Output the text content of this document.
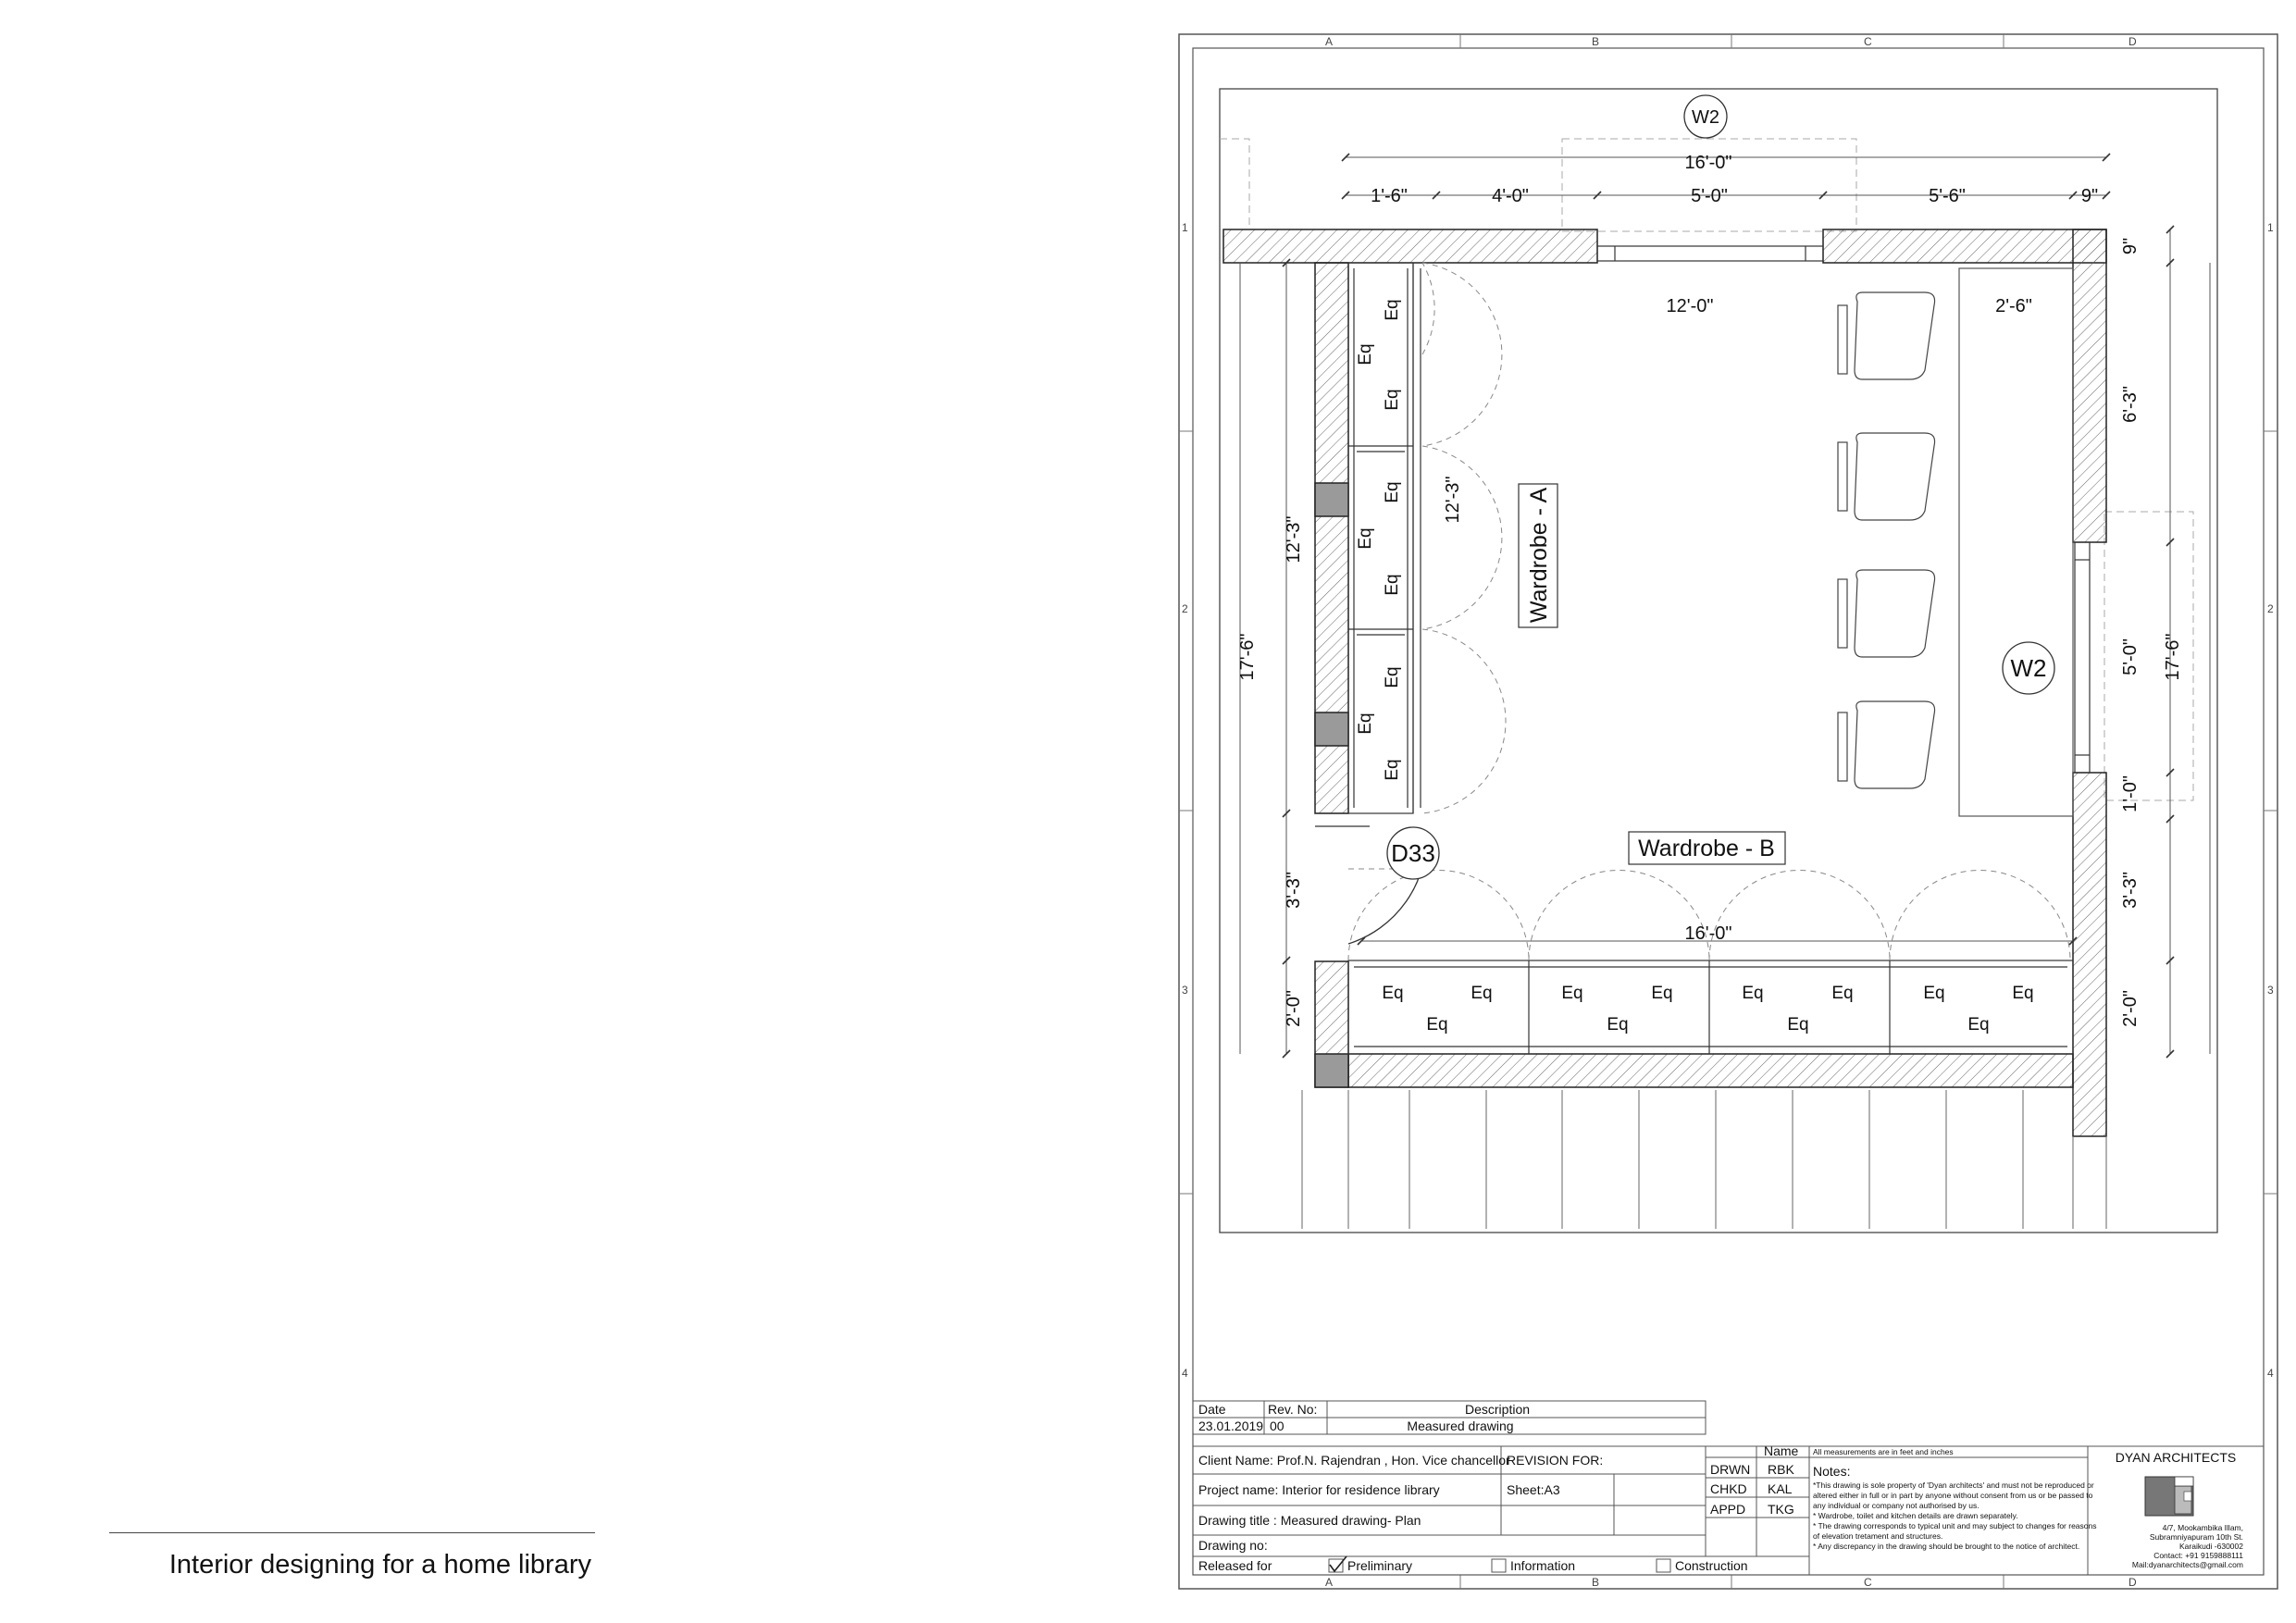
A	B	C	D
A	B	C	D
1
2
3
4
1
2
3
4
W2
W2
D33
Wardrobe - A
Wardrobe - B
16'-0"
1'-6"	4'-0"	5'-0"	5'-6"	9"
12'-0"	2'-6"
16'-0"
12'-3"
12'-3"
17'-6"
3'-3"
2'-0"
9"
6'-3"
5'-0" 17'-6"
1'-0"
3'-3"
2'-0"
Eq
Eq
Eq
Eq
Eq
Eq
Eq
Eq
Eq
Eq	Eq
Eq
Eq	Eq
Eq
Eq	Eq
Eq
Eq	Eq
Eq
Date	Rev. No:	Description
23.01.2019 00	Measured drawing
Client Name: Prof.N. Rajendran , Hon. Vice chancellor
REVISION FOR:
Project name: Interior for residence library	Sheet:A3
Drawing title : Measured drawing- Plan
Drawing no:
Released for	Preliminary	Information	Construction
Name
DRWN RBK
CHKD KAL
APPD TKG
All measurements are in feet and inches
Notes:
*This drawing is sole property of 'Dyan architects' and must not be reproduced or
altered either in full or in part by anyone without consent from us or be passed to
any individual or company not authorised by us.
* Wardrobe, toilet and kitchen details are drawn separately.
* The drawing corresponds to typical unit and may subject to changes for reasons
of elevation tretament and structures.
* Any discrepancy in the drawing should be brought to the notice of architect.
DYAN ARCHITECTS
4/7, Mookambika Illam,
Subramniyapuram 10th St.
Karaikudi -630002
Contact: +91 9159888111
Mail:dyanarchitects@gmail.com
Interior designing for a home library
